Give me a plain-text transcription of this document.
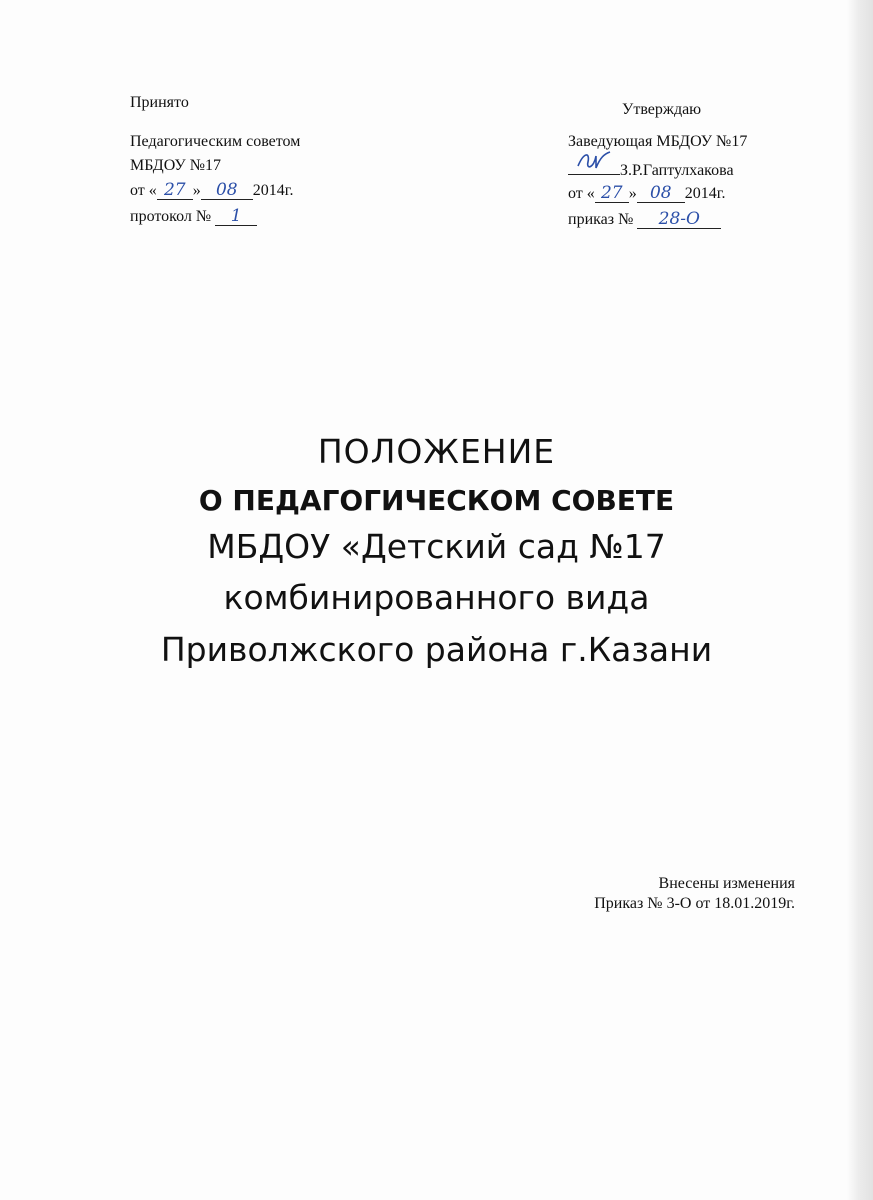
Принято
Педагогическим советом
МБДОУ №17
от « 27 » 08 2014г.
протокол № 1
Утверждаю
Заведующая МБДОУ №17
З.Р.Гаптулхакова
от « 27 » 08 2014г.
приказ № 28-О
ПОЛОЖЕНИЕ
О ПЕДАГОГИЧЕСКОМ СОВЕТЕ
МБДОУ «Детский сад №17
комбинированного вида
Приволжского района г.Казани
Внесены изменения
Приказ № 3-О от 18.01.2019г.
